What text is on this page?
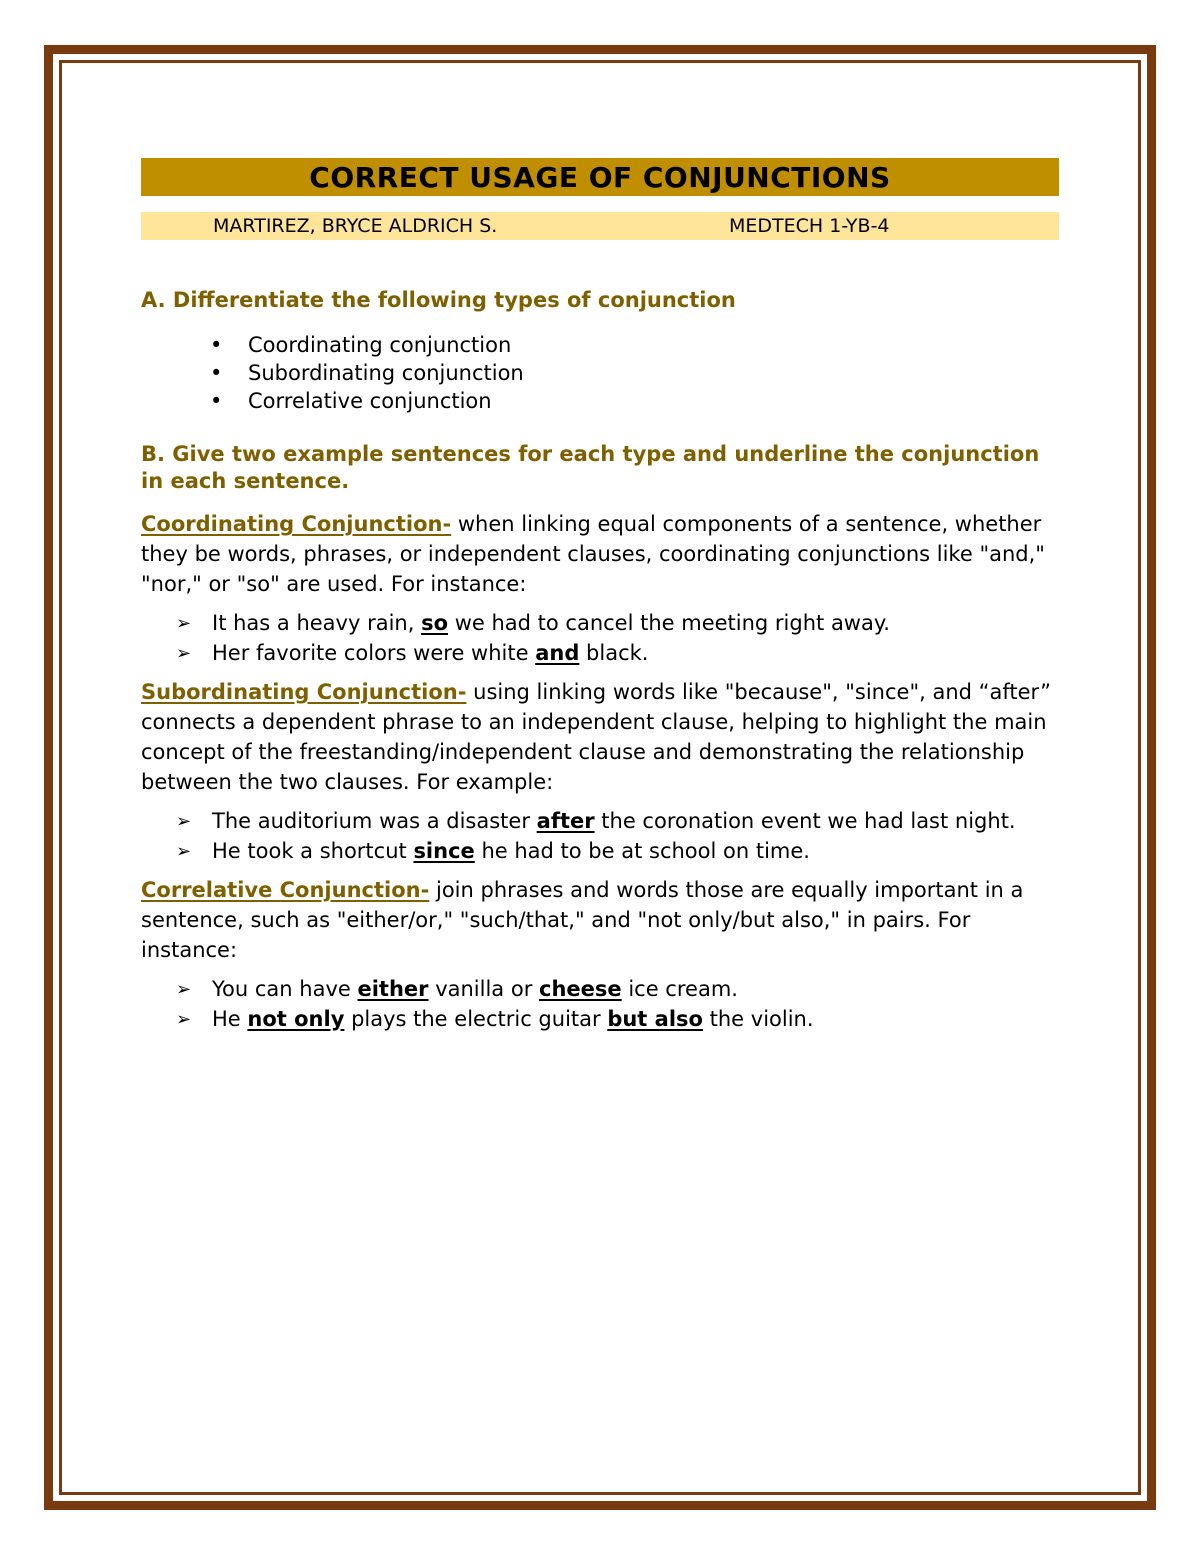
CORRECT USAGE OF CONJUNCTIONS
MARTIREZ, BRYCE ALDRICH S.	MEDTECH 1-YB-4

A. Differentiate the following types of conjunction

• Coordinating conjunction
• Subordinating conjunction
• Correlative conjunction

B. Give two example sentences for each type and underline the conjunction in each sentence.

Coordinating Conjunction- when linking equal components of a sentence, whether they be words, phrases, or independent clauses, coordinating conjunctions like "and," "nor," or "so" are used. For instance:

➢ It has a heavy rain, so we had to cancel the meeting right away.
➢ Her favorite colors were white and black.

Subordinating Conjunction- using linking words like "because", "since", and “after” connects a dependent phrase to an independent clause, helping to highlight the main concept of the freestanding/independent clause and demonstrating the relationship between the two clauses. For example:

➢ The auditorium was a disaster after the coronation event we had last night.
➢ He took a shortcut since he had to be at school on time.

Correlative Conjunction- join phrases and words those are equally important in a sentence, such as "either/or," "such/that," and "not only/but also," in pairs. For instance:

➢ You can have either vanilla or cheese ice cream.
➢ He not only plays the electric guitar but also the violin.
